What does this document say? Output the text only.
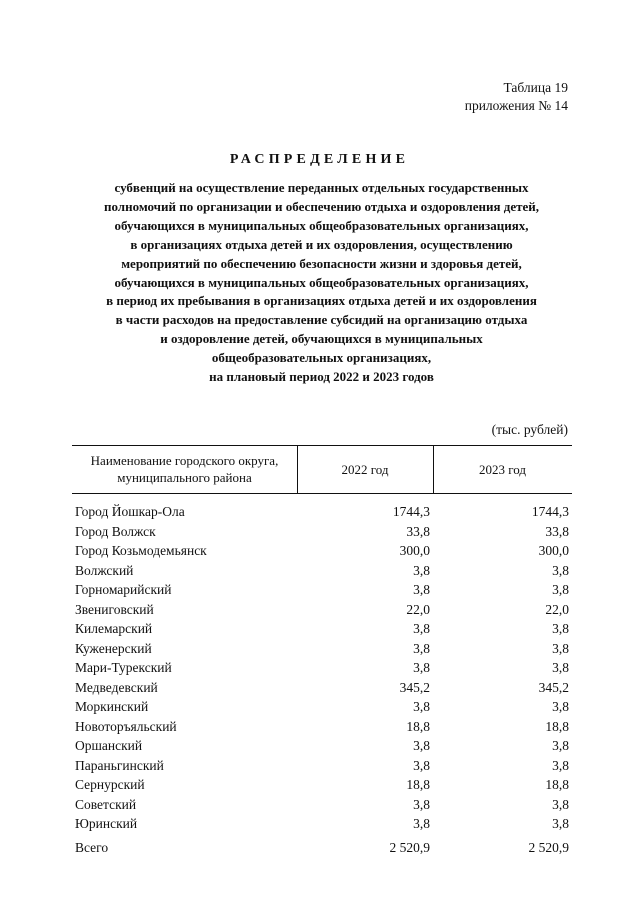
Таблица 19
приложения № 14
РАСПРЕДЕЛЕНИЕ

субвенций на осуществление переданных отдельных государственных
полномочий по организации и обеспечению отдыха и оздоровления детей,
обучающихся в муниципальных общеобразовательных организациях,
в организациях отдыха детей и их оздоровления, осуществлению
мероприятий по обеспечению безопасности жизни и здоровья детей,
обучающихся в муниципальных общеобразовательных организациях,
в период их пребывания в организациях отдыха детей и их оздоровления
в части расходов на предоставление субсидий на организацию отдыха
и оздоровление детей, обучающихся в муниципальных
общеобразовательных организациях,
на плановый период 2022 и 2023 годов

(тыс. рублей)
Наименование городского округа,
муниципального района
2022 год	2023 год
Город Йошкар-Ола	1744,3	1744,3
Город Волжск	33,8	33,8
Город Козьмодемьянск	300,0	300,0
Волжский	3,8	3,8
Горномарийский	3,8	3,8
Звениговский	22,0	22,0
Килемарский	3,8	3,8
Куженерский	3,8	3,8
Мари-Турекский	3,8	3,8
Медведевский	345,2	345,2
Моркинский	3,8	3,8
Новоторъяльский	18,8	18,8
Оршанский	3,8	3,8
Параньгинский	3,8	3,8
Сернурский	18,8	18,8
Советский	3,8	3,8
Юринский	3,8	3,8
Всего	2 520,9	2 520,9
